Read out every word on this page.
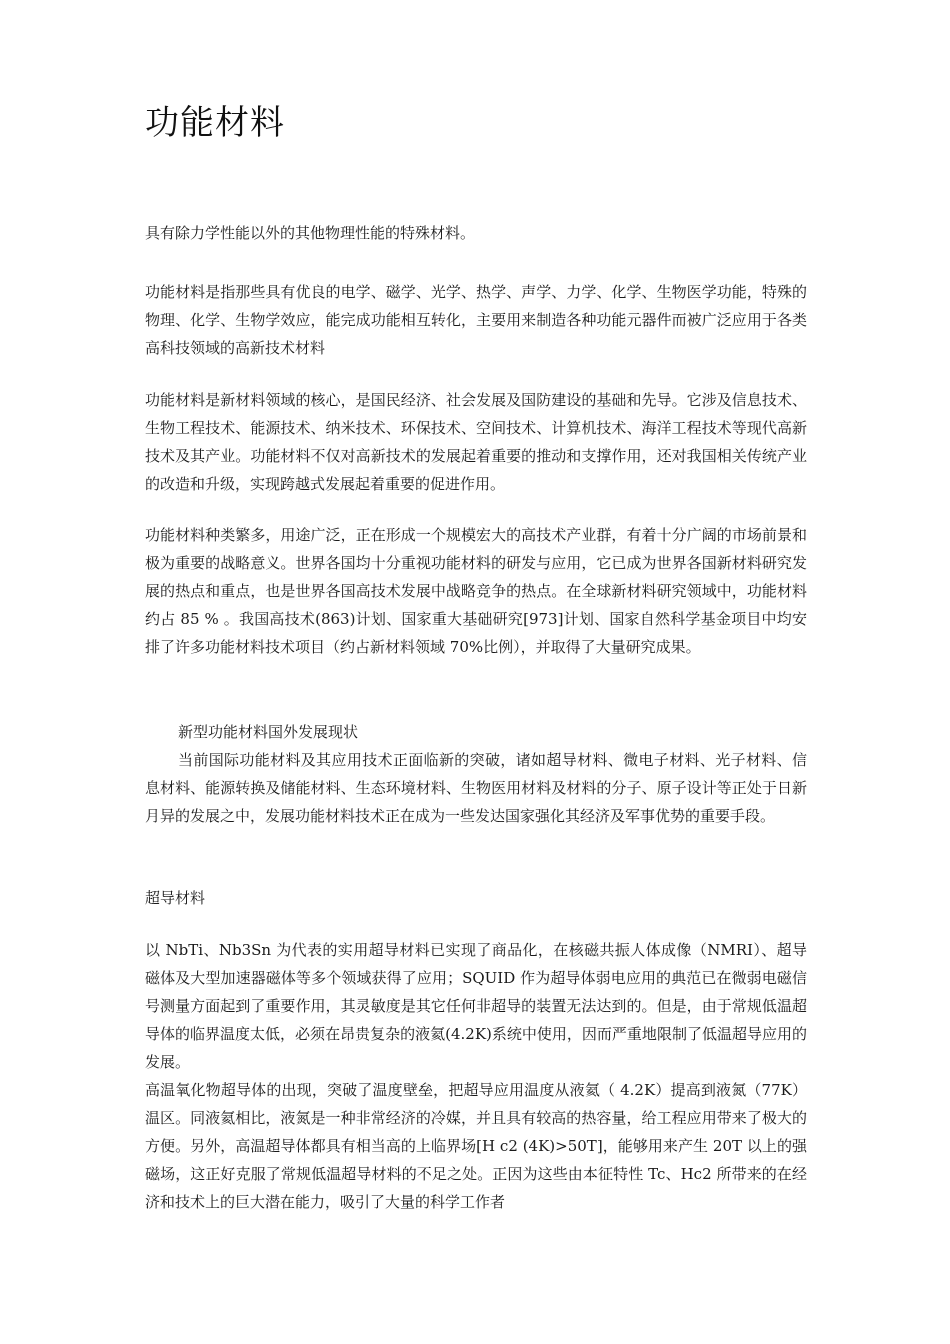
功能材料

具有除力学性能以外的其他物理性能的特殊材料。

功能材料是指那些具有优良的电学、磁学、光学、热学、声学、力学、化学、生物医学功能，特殊的物理、化学、生物学效应，能完成功能相互转化，主要用来制造各种功能元器件而被广泛应用于各类高科技领域的高新技术材料

功能材料是新材料领域的核心，是国民经济、社会发展及国防建设的基础和先导。它涉及信息技术、生物工程技术、能源技术、纳米技术、环保技术、空间技术、计算机技术、海洋工程技术等现代高新技术及其产业。功能材料不仅对高新技术的发展起着重要的推动和支撑作用，还对我国相关传统产业的改造和升级，实现跨越式发展起着重要的促进作用。

功能材料种类繁多，用途广泛，正在形成一个规模宏大的高技术产业群，有着十分广阔的市场前景和极为重要的战略意义。世界各国均十分重视功能材料的研发与应用，它已成为世界各国新材料研究发展的热点和重点，也是世界各国高技术发展中战略竞争的热点。在全球新材料研究领域中，功能材料约占 85 % 。我国高技术(863)计划、国家重大基础研究[973]计划、国家自然科学基金项目中均安排了许多功能材料技术项目（约占新材料领域 70%比例），并取得了大量研究成果。

新型功能材料国外发展现状

当前国际功能材料及其应用技术正面临新的突破，诸如超导材料、微电子材料、光子材料、信息材料、能源转换及储能材料、生态环境材料、生物医用材料及材料的分子、原子设计等正处于日新月异的发展之中，发展功能材料技术正在成为一些发达国家强化其经济及军事优势的重要手段。

超导材料

以 NbTi、Nb3Sn 为代表的实用超导材料已实现了商品化，在核磁共振人体成像（NMRI）、超导磁体及大型加速器磁体等多个领域获得了应用；SQUID 作为超导体弱电应用的典范已在微弱电磁信号测量方面起到了重要作用，其灵敏度是其它任何非超导的装置无法达到的。但是，由于常规低温超导体的临界温度太低，必须在昂贵复杂的液氦(4.2K)系统中使用，因而严重地限制了低温超导应用的发展。

高温氧化物超导体的出现，突破了温度壁垒，把超导应用温度从液氦（ 4.2K）提高到液氮（77K）温区。同液氦相比，液氮是一种非常经济的冷媒，并且具有较高的热容量，给工程应用带来了极大的方便。另外，高温超导体都具有相当高的上临界场[H c2 (4K)>50T]，能够用来产生 20T 以上的强磁场，这正好克服了常规低温超导材料的不足之处。正因为这些由本征特性 Tc、Hc2 所带来的在经济和技术上的巨大潜在能力，吸引了大量的科学工作者
